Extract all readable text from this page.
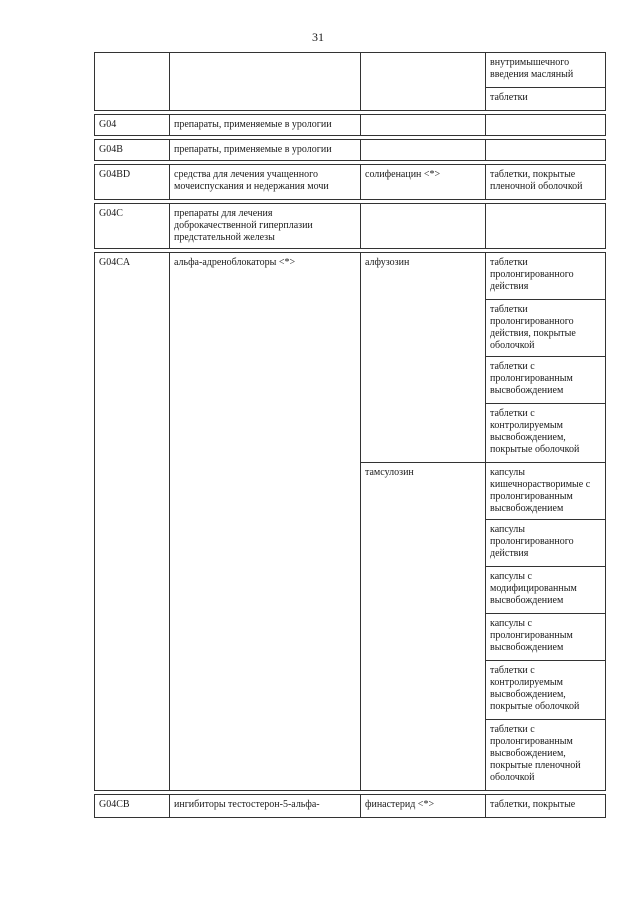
31
			внутримышечного введения масляный
			таблетки

G04	препараты, применяемые в урологии		

G04B	препараты, применяемые в урологии		

G04BD	средства для лечения учащенного мочеиспускания и недержания мочи	солифенацин <*>	таблетки, покрытые пленочной оболочкой

G04C	препараты для лечения доброкачественной гиперплазии предстательной железы		

G04CA	альфа-адреноблокаторы <*>	алфузозин	таблетки пролонгированного действия
			таблетки пролонгированного действия, покрытые оболочкой
			таблетки с пролонгированным высвобождением
			таблетки с контролируемым высвобождением, покрытые оболочкой
		тамсулозин	капсулы кишечнорастворимые с пролонгированным высвобождением
			капсулы пролонгированного действия
			капсулы с модифицированным высвобождением
			капсулы с пролонгированным высвобождением
			таблетки с контролируемым высвобождением, покрытые оболочкой
			таблетки с пролонгированным высвобождением, покрытые пленочной оболочкой

G04CB	ингибиторы тестостерон-5-альфа-	финастерид <*>	таблетки, покрытые
